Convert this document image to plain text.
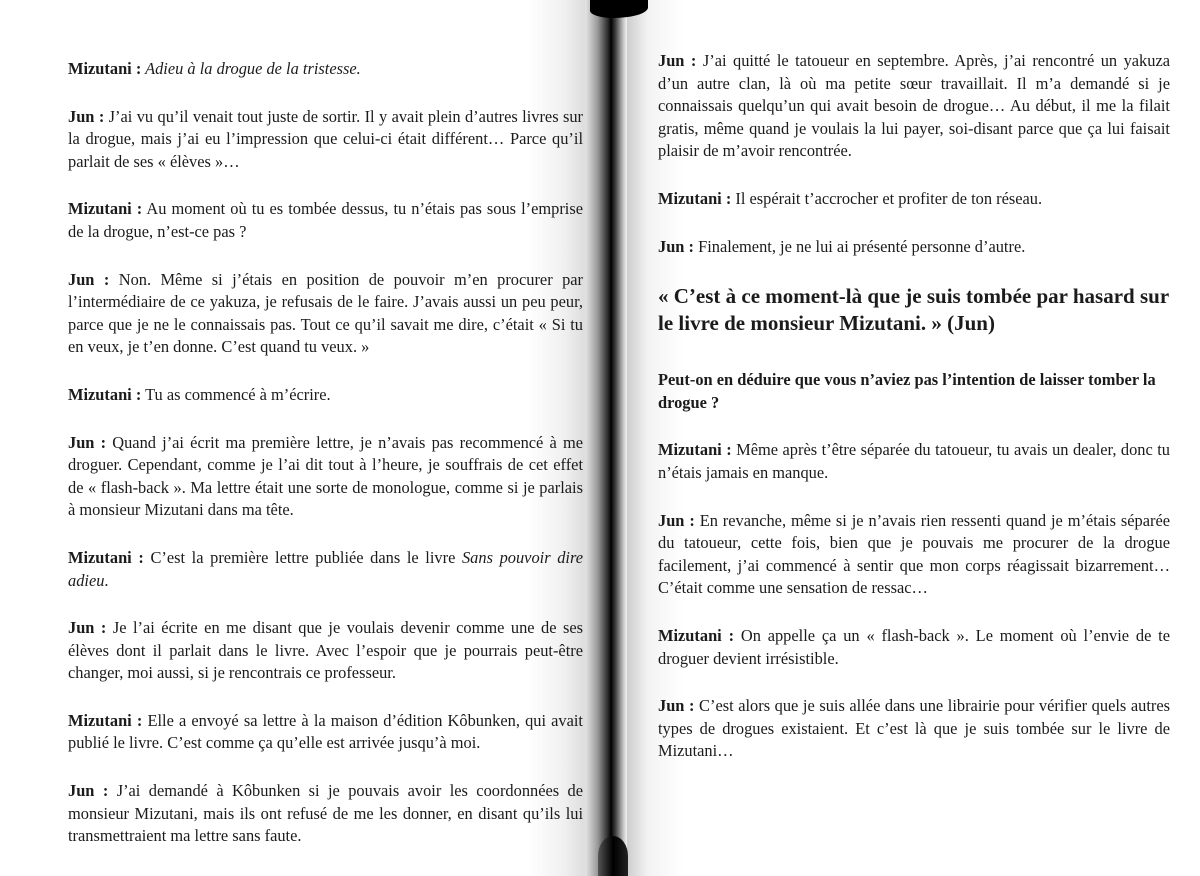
Mizutani : Adieu à la drogue de la tristesse.

Jun : J’ai vu qu’il venait tout juste de sortir. Il y avait plein d’autres livres sur la drogue, mais j’ai eu l’impression que celui-ci était différent… Parce qu’il parlait de ses « élèves »…

Mizutani : Au moment où tu es tombée dessus, tu n’étais pas sous l’emprise de la drogue, n’est-ce pas ?

Jun : Non. Même si j’étais en position de pouvoir m’en procurer par l’intermédiaire de ce yakuza, je refusais de le faire. J’avais aussi un peu peur, parce que je ne le connaissais pas. Tout ce qu’il savait me dire, c’était « Si tu en veux, je t’en donne. C’est quand tu veux. »

Mizutani : Tu as commencé à m’écrire.

Jun : Quand j’ai écrit ma première lettre, je n’avais pas recommencé à me droguer. Cependant, comme je l’ai dit tout à l’heure, je souffrais de cet effet de « flash-back ». Ma lettre était une sorte de monologue, comme si je parlais à monsieur Mizutani dans ma tête.

Mizutani : C’est la première lettre publiée dans le livre Sans pouvoir dire adieu.

Jun : Je l’ai écrite en me disant que je voulais devenir comme une de ses élèves dont il parlait dans le livre. Avec l’espoir que je pourrais peut-être changer, moi aussi, si je rencontrais ce professeur.

Mizutani : Elle a envoyé sa lettre à la maison d’édition Kôbunken, qui avait publié le livre. C’est comme ça qu’elle est arrivée jusqu’à moi.

Jun : J’ai demandé à Kôbunken si je pouvais avoir les coordonnées de monsieur Mizutani, mais ils ont refusé de me les donner, en disant qu’ils lui transmettraient ma lettre sans faute.

Jun : J’ai quitté le tatoueur en septembre. Après, j’ai rencontré un yakuza d’un autre clan, là où ma petite sœur travaillait. Il m’a demandé si je connaissais quelqu’un qui avait besoin de drogue… Au début, il me la filait gratis, même quand je voulais la lui payer, soi-disant parce que ça lui faisait plaisir de m’avoir rencontrée.

Mizutani : Il espérait t’accrocher et profiter de ton réseau.

Jun : Finalement, je ne lui ai présenté personne d’autre.

« C’est à ce moment-là que je suis tombée par hasard sur le livre de monsieur Mizutani. » (Jun)

Peut-on en déduire que vous n’aviez pas l’intention de laisser tomber la drogue ?

Mizutani : Même après t’être séparée du tatoueur, tu avais un dealer, donc tu n’étais jamais en manque.

Jun : En revanche, même si je n’avais rien ressenti quand je m’étais séparée du tatoueur, cette fois, bien que je pouvais me procurer de la drogue facilement, j’ai commencé à sentir que mon corps réagissait bizarrement… C’était comme une sensation de ressac…

Mizutani : On appelle ça un « flash-back ». Le moment où l’envie de te droguer devient irrésistible.

Jun : C’est alors que je suis allée dans une librairie pour vérifier quels autres types de drogues existaient. Et c’est là que je suis tombée sur le livre de Mizutani…
